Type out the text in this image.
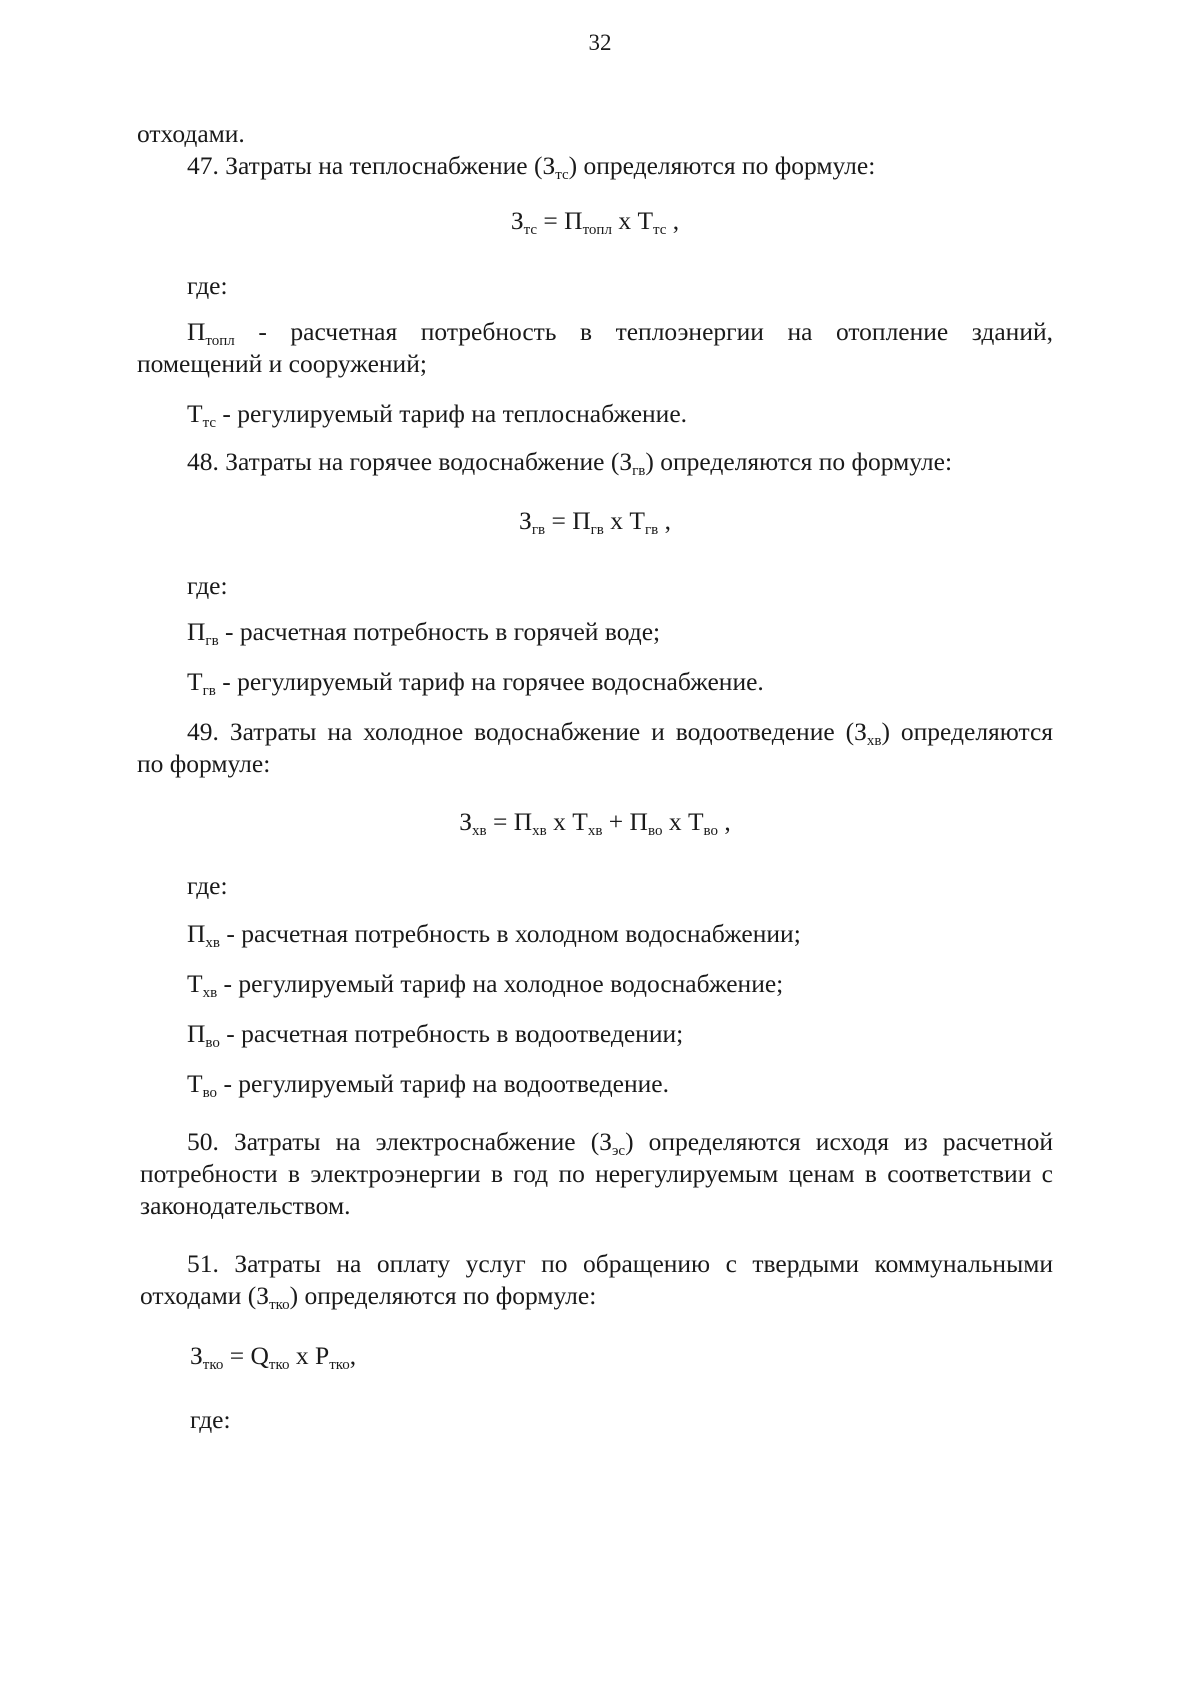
32
отходами.
47. Затраты на теплоснабжение $(З_{тс})$ определяются по формуле:
$З_{тс} = П_{топл}$ x $Т_{тс}$ ,
где:
$П_{топл}$ - расчетная потребность в теплоэнергии на отопление зданий,
помещений и сооружений;
$Т_{тс}$ - регулируемый тариф на теплоснабжение.
48. Затраты на горячее водоснабжение $(З_{гв})$ определяются по формуле:
$З_{гв} = П_{гв}$ x $Т_{гв}$ ,
где:
$П_{гв}$ - расчетная потребность в горячей воде;
$Т_{гв}$ - регулируемый тариф на горячее водоснабжение.
49. Затраты на холодное водоснабжение и водоотведение $(З_{хв})$ определяются
по формуле:
$З_{хв} = П_{хв}$ x $Т_{хв} + П_{во}$ x $Т_{во}$ ,
где:
$П_{хв}$ - расчетная потребность в холодном водоснабжении;
$Т_{хв}$ - регулируемый тариф на холодное водоснабжение;
$П_{во}$ - расчетная потребность в водоотведении;
$Т_{во}$ - регулируемый тариф на водоотведение.
50. Затраты на электроснабжение $(З_{эс})$ определяются исходя из расчетной
потребности в электроэнергии в год по нерегулируемым ценам в соответствии с
законодательством.
51. Затраты на оплату услуг по обращению с твердыми коммунальными
отходами $(З_{тко})$ определяются по формуле:
$З_{тко} = Q_{тко}$ x $Р_{тко}$,
где:
